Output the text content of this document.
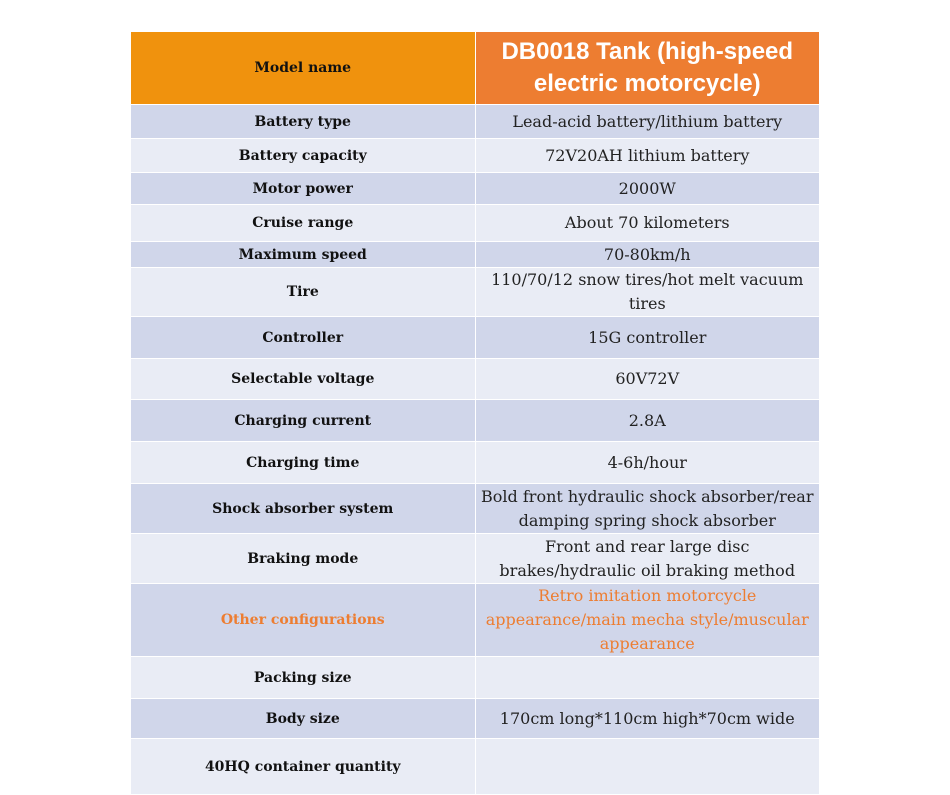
Model name	DB0018 Tank (high-speed electric motorcycle)
Battery type	Lead-acid battery/lithium battery
Battery capacity	72V20AH lithium battery
Motor power	2000W
Cruise range	About 70 kilometers
Maximum speed	70-80km/h
Tire	110/70/12 snow tires/hot melt vacuum tires
Controller	15G controller
Selectable voltage	60V72V
Charging current	2.8A
Charging time	4-6h/hour
Shock absorber system	Bold front hydraulic shock absorber/rear damping spring shock absorber
Braking mode	Front and rear large disc brakes/hydraulic oil braking method
Other configurations	Retro imitation motorcycle appearance/main mecha style/muscular appearance
Packing size	
Body size	170cm long*110cm high*70cm wide
40HQ container quantity	
